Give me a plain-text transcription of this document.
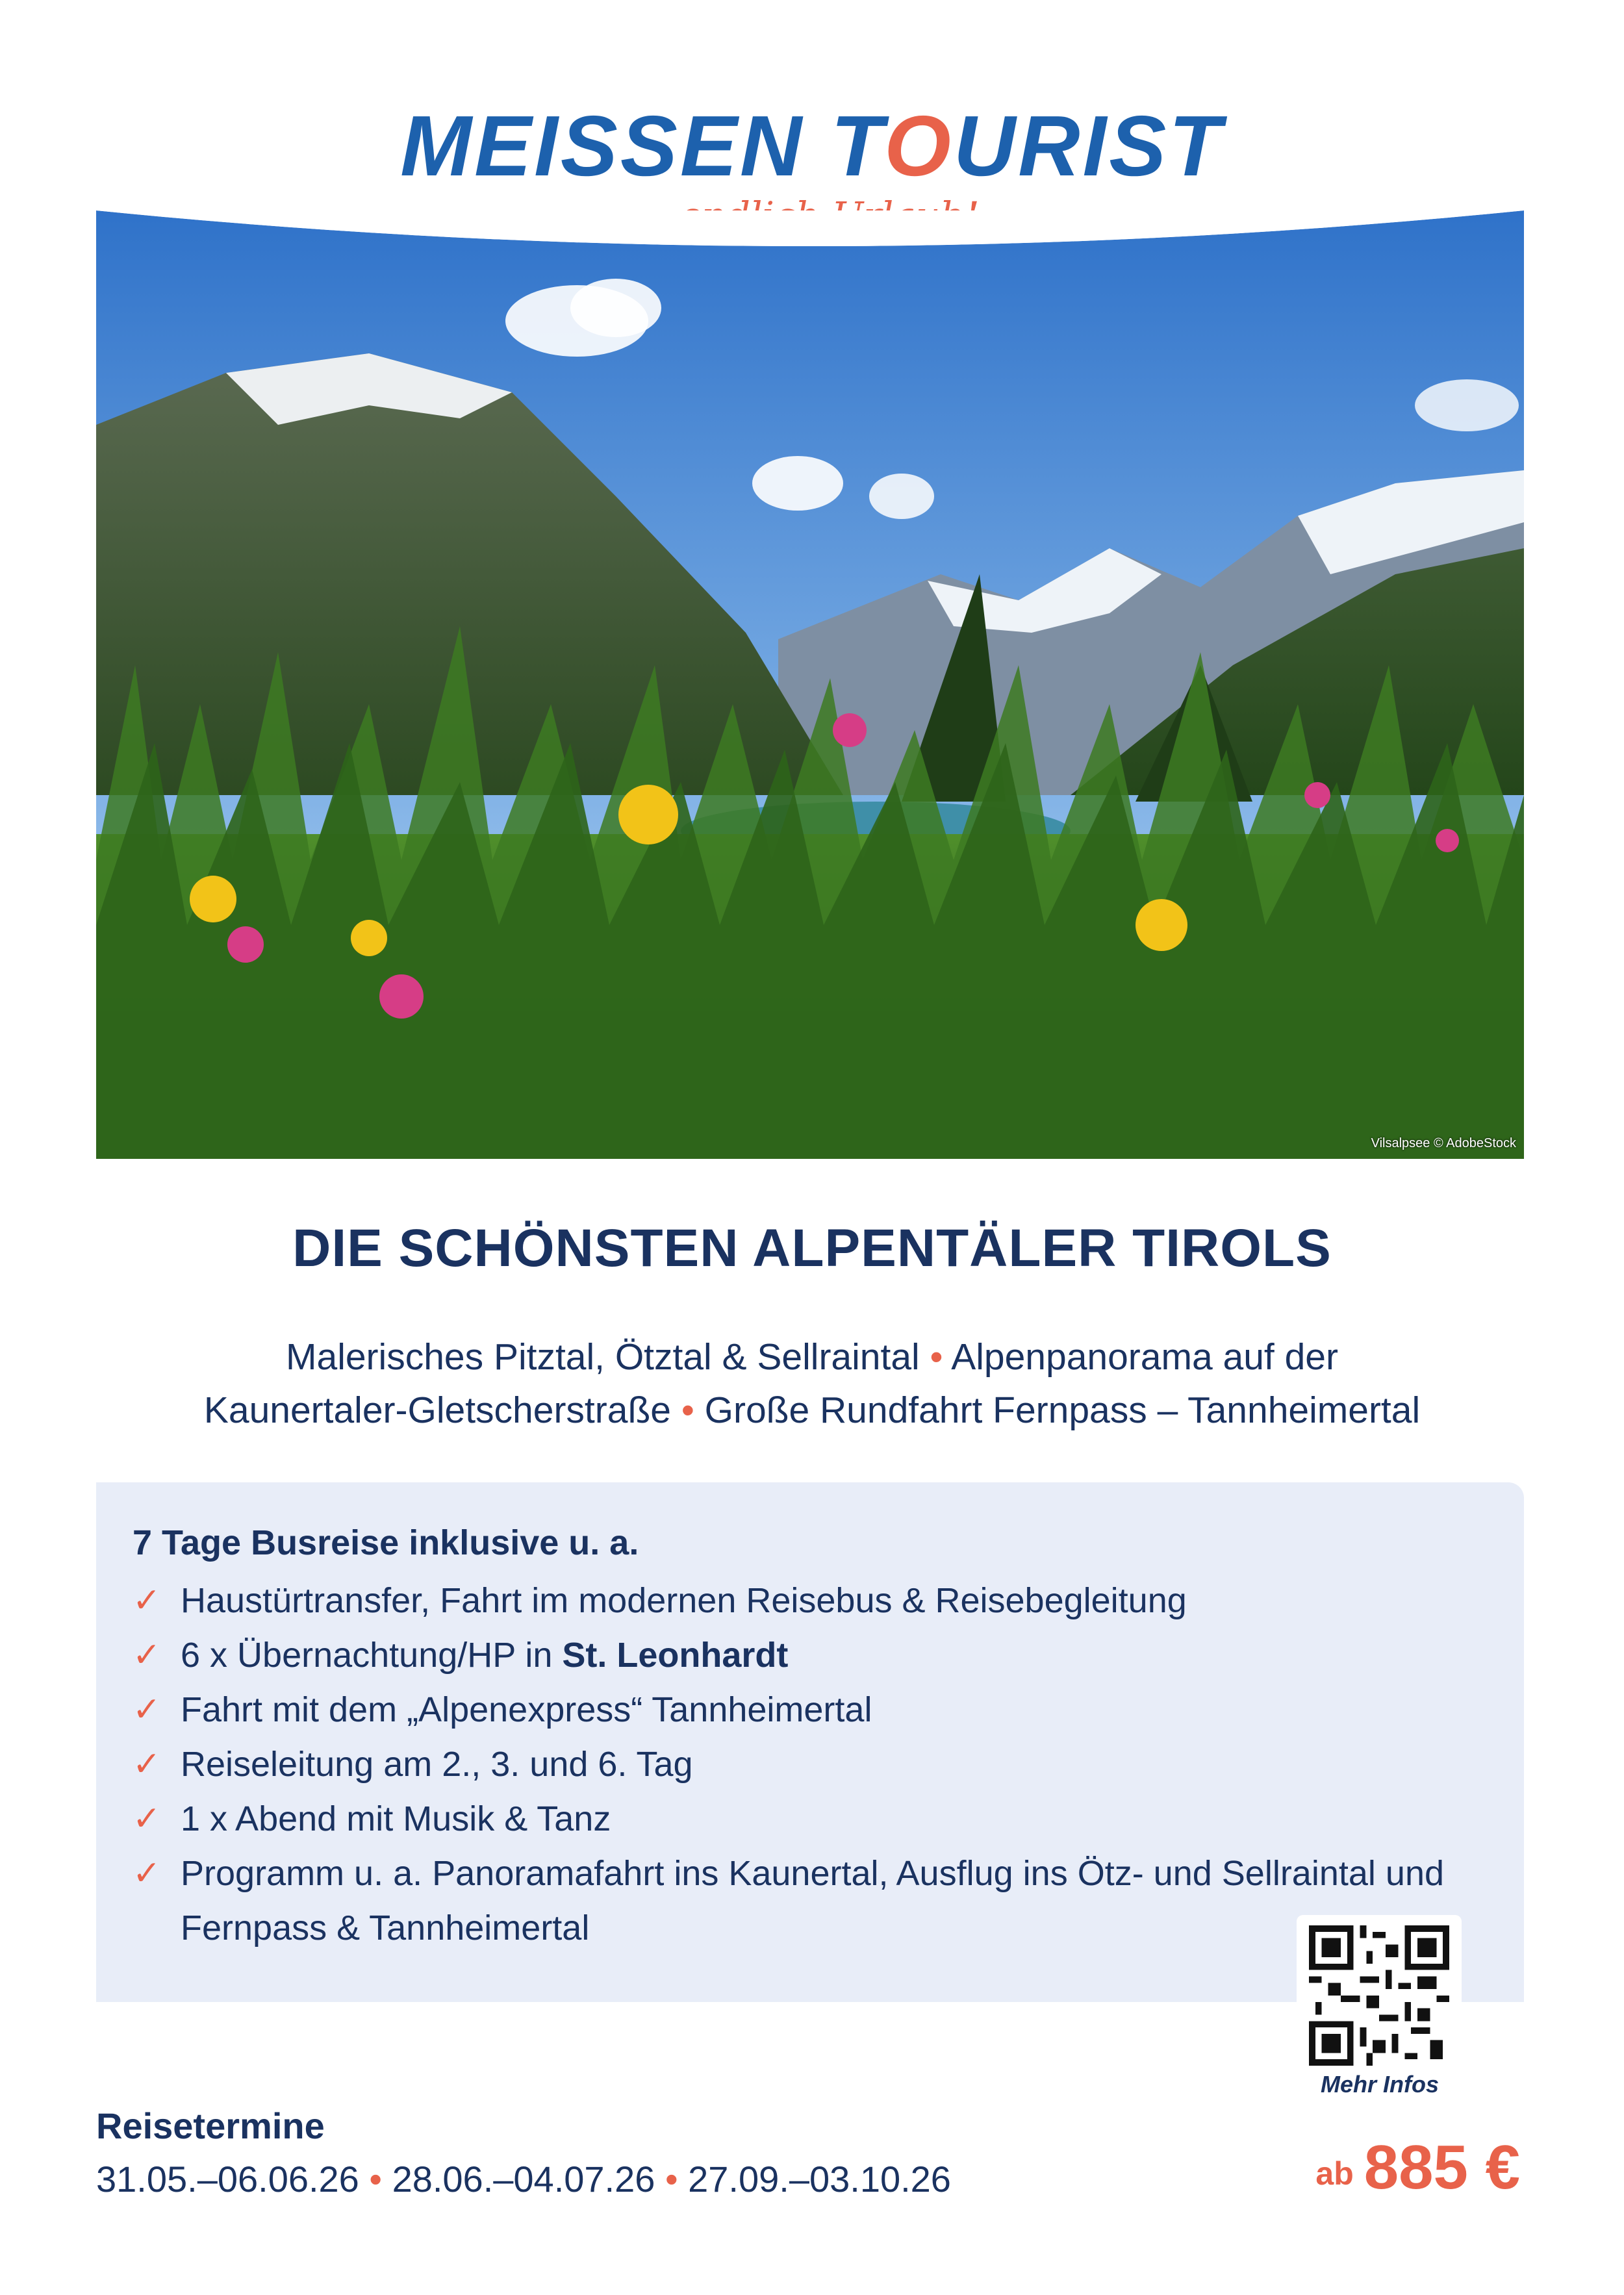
MEISSEN TOURIST
Vilsalpsee © AdobeStock
DIE SCHÖNSTEN ALPENTÄLER TIROLS
Malerisches Pitztal, Ötztal & Sellraintal • Alpenpanorama auf der
Kaunertaler-Gletscherstraße • Große Rundfahrt Fernpass – Tannheimertal
7 Tage Busreise inklusive u. a.
✓ Haustürtransfer, Fahrt im modernen Reisebus & Reisebegleitung
✓ 6 x Übernachtung/HP in St. Leonhardt
✓ Fahrt mit dem „Alpenexpress“ Tannheimertal
✓ Reiseleitung am 2., 3. und 6. Tag
✓ 1 x Abend mit Musik & Tanz
✓ Programm u. a. Panoramafahrt ins Kaunertal, Ausflug ins Ötz- und Sellraintal und Fernpass & Tannheimertal
Mehr Infos
Reisetermine
31.05.–06.06.26 • 28.06.–04.07.26 • 27.09.–03.10.26	ab 885 €
